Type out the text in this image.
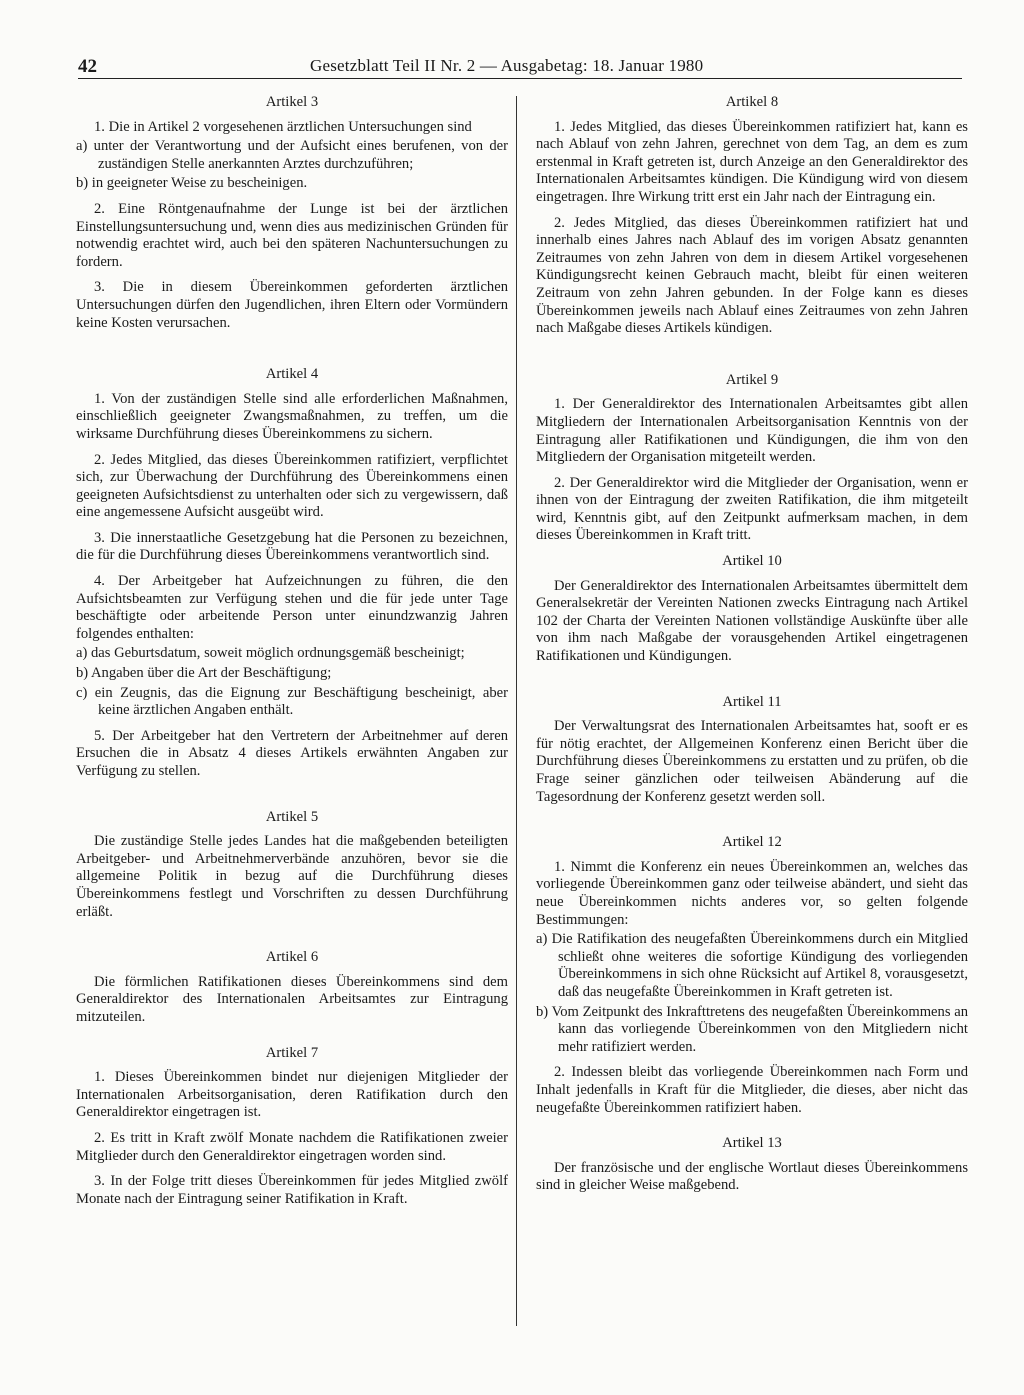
42	Gesetzblatt Teil II Nr. 2 — Ausgabetag: 18. Januar 1980
Artikel 3

1. Die in Artikel 2 vorgesehenen ärztlichen Untersuchungen sind

a) unter der Verantwortung und der Aufsicht eines berufenen, von der zuständigen Stelle anerkannten Arztes durchzuführen;

b) in geeigneter Weise zu bescheinigen.

2. Eine Röntgenaufnahme der Lunge ist bei der ärztlichen Einstellungsuntersuchung und, wenn dies aus medizinischen Gründen für notwendig erachtet wird, auch bei den späteren Nachuntersuchungen zu fordern.

3. Die in diesem Übereinkommen geforderten ärztlichen Untersuchungen dürfen den Jugendlichen, ihren Eltern oder Vormündern keine Kosten verursachen.

Artikel 4

1. Von der zuständigen Stelle sind alle erforderlichen Maßnahmen, einschließlich geeigneter Zwangsmaßnahmen, zu treffen, um die wirksame Durchführung dieses Übereinkommens zu sichern.

2. Jedes Mitglied, das dieses Übereinkommen ratifiziert, verpflichtet sich, zur Überwachung der Durchführung des Übereinkommens einen geeigneten Aufsichtsdienst zu unterhalten oder sich zu vergewissern, daß eine angemessene Aufsicht ausgeübt wird.

3. Die innerstaatliche Gesetzgebung hat die Personen zu bezeichnen, die für die Durchführung dieses Übereinkommens verantwortlich sind.

4. Der Arbeitgeber hat Aufzeichnungen zu führen, die den Aufsichtsbeamten zur Verfügung stehen und die für jede unter Tage beschäftigte oder arbeitende Person unter einundzwanzig Jahren folgendes enthalten:

a) das Geburtsdatum, soweit möglich ordnungsgemäß bescheinigt;

b) Angaben über die Art der Beschäftigung;

c) ein Zeugnis, das die Eignung zur Beschäftigung bescheinigt, aber keine ärztlichen Angaben enthält.

5. Der Arbeitgeber hat den Vertretern der Arbeitnehmer auf deren Ersuchen die in Absatz 4 dieses Artikels erwähnten Angaben zur Verfügung zu stellen.

Artikel 5

Die zuständige Stelle jedes Landes hat die maßgebenden beteiligten Arbeitgeber- und Arbeitnehmerverbände anzuhören, bevor sie die allgemeine Politik in bezug auf die Durchführung dieses Übereinkommens festlegt und Vorschriften zu dessen Durchführung erläßt.

Artikel 6

Die förmlichen Ratifikationen dieses Übereinkommens sind dem Generaldirektor des Internationalen Arbeitsamtes zur Eintragung mitzuteilen.

Artikel 7

1. Dieses Übereinkommen bindet nur diejenigen Mitglieder der Internationalen Arbeitsorganisation, deren Ratifikation durch den Generaldirektor eingetragen ist.

2. Es tritt in Kraft zwölf Monate nachdem die Ratifikationen zweier Mitglieder durch den Generaldirektor eingetragen worden sind.

3. In der Folge tritt dieses Übereinkommen für jedes Mitglied zwölf Monate nach der Eintragung seiner Ratifikation in Kraft.

Artikel 8

1. Jedes Mitglied, das dieses Übereinkommen ratifiziert hat, kann es nach Ablauf von zehn Jahren, gerechnet von dem Tag, an dem es zum erstenmal in Kraft getreten ist, durch Anzeige an den Generaldirektor des Internationalen Arbeitsamtes kündigen. Die Kündigung wird von diesem eingetragen. Ihre Wirkung tritt erst ein Jahr nach der Eintragung ein.

2. Jedes Mitglied, das dieses Übereinkommen ratifiziert hat und innerhalb eines Jahres nach Ablauf des im vorigen Absatz genannten Zeitraumes von zehn Jahren von dem in diesem Artikel vorgesehenen Kündigungsrecht keinen Gebrauch macht, bleibt für einen weiteren Zeitraum von zehn Jahren gebunden. In der Folge kann es dieses Übereinkommen jeweils nach Ablauf eines Zeitraumes von zehn Jahren nach Maßgabe dieses Artikels kündigen.

Artikel 9

1. Der Generaldirektor des Internationalen Arbeitsamtes gibt allen Mitgliedern der Internationalen Arbeitsorganisation Kenntnis von der Eintragung aller Ratifikationen und Kündigungen, die ihm von den Mitgliedern der Organisation mitgeteilt werden.

2. Der Generaldirektor wird die Mitglieder der Organisation, wenn er ihnen von der Eintragung der zweiten Ratifikation, die ihm mitgeteilt wird, Kenntnis gibt, auf den Zeitpunkt aufmerksam machen, in dem dieses Übereinkommen in Kraft tritt.

Artikel 10

Der Generaldirektor des Internationalen Arbeitsamtes übermittelt dem Generalsekretär der Vereinten Nationen zwecks Eintragung nach Artikel 102 der Charta der Vereinten Nationen vollständige Auskünfte über alle von ihm nach Maßgabe der vorausgehenden Artikel eingetragenen Ratifikationen und Kündigungen.

Artikel 11

Der Verwaltungsrat des Internationalen Arbeitsamtes hat, sooft er es für nötig erachtet, der Allgemeinen Konferenz einen Bericht über die Durchführung dieses Übereinkommens zu erstatten und zu prüfen, ob die Frage seiner gänzlichen oder teilweisen Abänderung auf die Tagesordnung der Konferenz gesetzt werden soll.

Artikel 12

1. Nimmt die Konferenz ein neues Übereinkommen an, welches das vorliegende Übereinkommen ganz oder teilweise abändert, und sieht das neue Übereinkommen nichts anderes vor, so gelten folgende Bestimmungen:

a) Die Ratifikation des neugefaßten Übereinkommens durch ein Mitglied schließt ohne weiteres die sofortige Kündigung des vorliegenden Übereinkommens in sich ohne Rücksicht auf Artikel 8, vorausgesetzt, daß das neugefaßte Übereinkommen in Kraft getreten ist.

b) Vom Zeitpunkt des Inkrafttretens des neugefaßten Übereinkommens an kann das vorliegende Übereinkommen von den Mitgliedern nicht mehr ratifiziert werden.

2. Indessen bleibt das vorliegende Übereinkommen nach Form und Inhalt jedenfalls in Kraft für die Mitglieder, die dieses, aber nicht das neugefaßte Übereinkommen ratifiziert haben.

Artikel 13

Der französische und der englische Wortlaut dieses Übereinkommens sind in gleicher Weise maßgebend.
